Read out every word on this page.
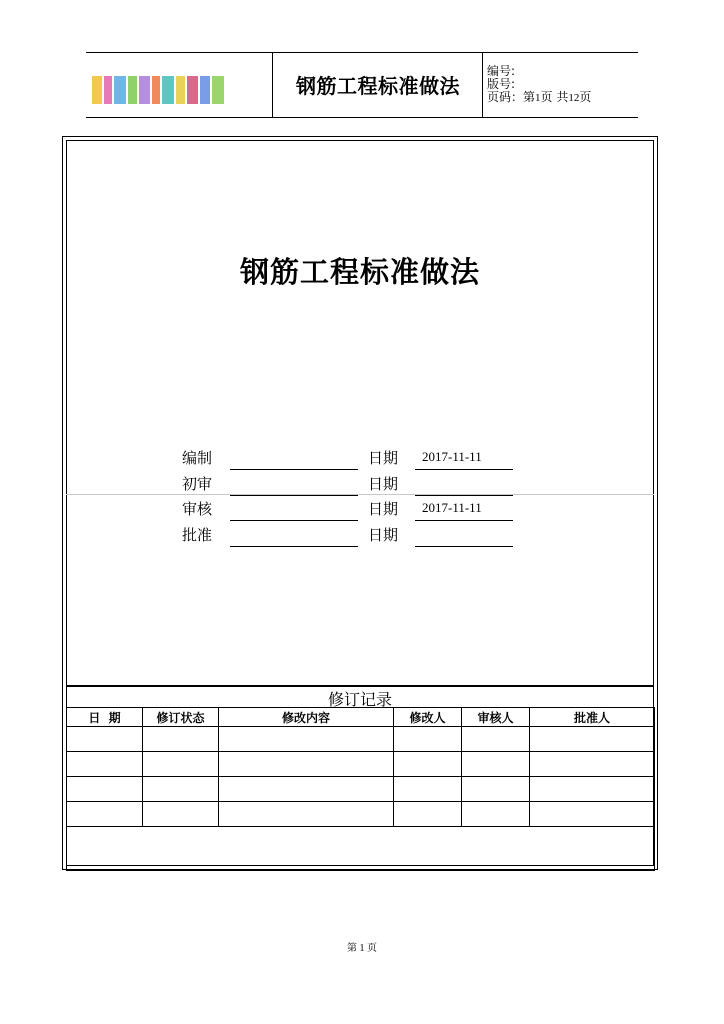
钢筋工程标准做法
编号:
版号:
页码：第1页 共12页
钢筋工程标准做法
编制	日期 2017-11-11
初审	日期
审核	日期 2017-11-11
批准	日期
修订记录
日  期	修订状态	修改内容	修改人	审核人	批准人

第 1 页
